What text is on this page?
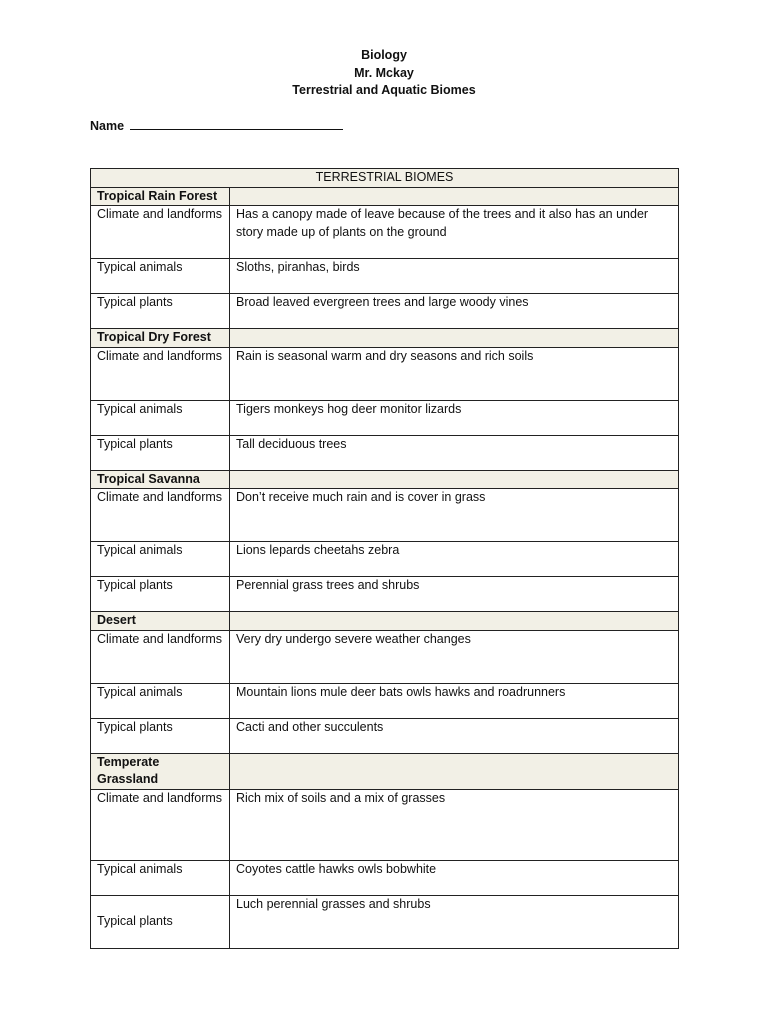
Biology
Mr. Mckay
Terrestrial and Aquatic Biomes
Name
TERRESTRIAL BIOMES	
Tropical Rain Forest	
Climate and landforms	Has a canopy made of leave because of the trees and it also has an under story made up of plants on the ground
Typical animals	Sloths, piranhas, birds
Typical plants	Broad leaved evergreen trees and large woody vines
Tropical Dry Forest	
Climate and landforms	Rain is seasonal warm and dry seasons and rich soils
Typical animals	Tigers monkeys hog deer monitor lizards
Typical plants	Tall deciduous trees
Tropical Savanna	
Climate and landforms	Don’t receive much rain and is cover in grass
Typical animals	Lions lepards cheetahs zebra
Typical plants	Perennial grass trees and shrubs
Desert	
Climate and landforms	Very dry undergo severe weather changes
Typical animals	Mountain lions mule deer bats owls hawks and roadrunners
Typical plants	Cacti and other succulents
Temperate Grassland	
Climate and landforms	Rich mix of soils and a mix of grasses
Typical animals	Coyotes cattle hawks owls bobwhite
Typical plants	Luch perennial grasses and shrubs
